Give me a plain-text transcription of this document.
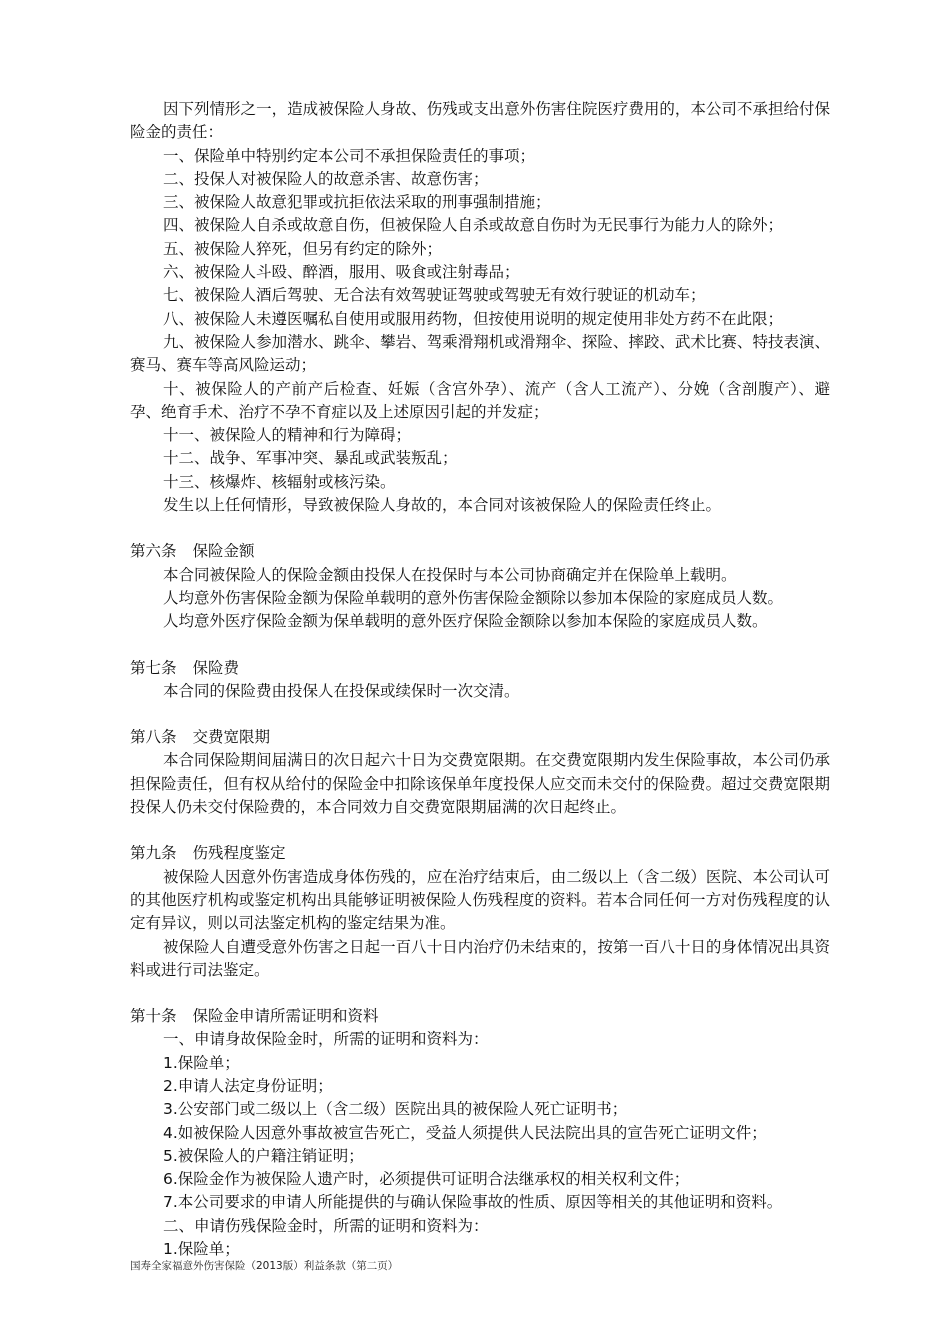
因下列情形之一，造成被保险人身故、伤残或支出意外伤害住院医疗费用的，本公司不承担给付保险金的责任：

一、保险单中特别约定本公司不承担保险责任的事项；

二、投保人对被保险人的故意杀害、故意伤害；

三、被保险人故意犯罪或抗拒依法采取的刑事强制措施；

四、被保险人自杀或故意自伤，但被保险人自杀或故意自伤时为无民事行为能力人的除外；

五、被保险人猝死，但另有约定的除外；

六、被保险人斗殴、醉酒，服用、吸食或注射毒品；

七、被保险人酒后驾驶、无合法有效驾驶证驾驶或驾驶无有效行驶证的机动车；

八、被保险人未遵医嘱私自使用或服用药物，但按使用说明的规定使用非处方药不在此限；

九、被保险人参加潜水、跳伞、攀岩、驾乘滑翔机或滑翔伞、探险、摔跤、武术比赛、特技表演、赛马、赛车等高风险运动；

十、被保险人的产前产后检查、妊娠（含宫外孕）、流产（含人工流产）、分娩（含剖腹产）、避孕、绝育手术、治疗不孕不育症以及上述原因引起的并发症；

十一、被保险人的精神和行为障碍；

十二、战争、军事冲突、暴乱或武装叛乱；

十三、核爆炸、核辐射或核污染。

发生以上任何情形，导致被保险人身故的，本合同对该被保险人的保险责任终止。

第六条 保险金额

本合同被保险人的保险金额由投保人在投保时与本公司协商确定并在保险单上载明。

人均意外伤害保险金额为保险单载明的意外伤害保险金额除以参加本保险的家庭成员人数。

人均意外医疗保险金额为保单载明的意外医疗保险金额除以参加本保险的家庭成员人数。

第七条 保险费

本合同的保险费由投保人在投保或续保时一次交清。

第八条 交费宽限期

本合同保险期间届满日的次日起六十日为交费宽限期。在交费宽限期内发生保险事故，本公司仍承担保险责任，但有权从给付的保险金中扣除该保单年度投保人应交而未交付的保险费。超过交费宽限期投保人仍未交付保险费的，本合同效力自交费宽限期届满的次日起终止。

第九条 伤残程度鉴定

被保险人因意外伤害造成身体伤残的，应在治疗结束后，由二级以上（含二级）医院、本公司认可的其他医疗机构或鉴定机构出具能够证明被保险人伤残程度的资料。若本合同任何一方对伤残程度的认定有异议，则以司法鉴定机构的鉴定结果为准。

被保险人自遭受意外伤害之日起一百八十日内治疗仍未结束的，按第一百八十日的身体情况出具资料或进行司法鉴定。

第十条 保险金申请所需证明和资料

一、申请身故保险金时，所需的证明和资料为：

1.保险单；

2.申请人法定身份证明；

3.公安部门或二级以上（含二级）医院出具的被保险人死亡证明书；

4.如被保险人因意外事故被宣告死亡，受益人须提供人民法院出具的宣告死亡证明文件；

5.被保险人的户籍注销证明；

6.保险金作为被保险人遗产时，必须提供可证明合法继承权的相关权利文件；

7.本公司要求的申请人所能提供的与确认保险事故的性质、原因等相关的其他证明和资料。

二、申请伤残保险金时，所需的证明和资料为：

1.保险单；

国寿全家福意外伤害保险（2013版）利益条款（第二页）
